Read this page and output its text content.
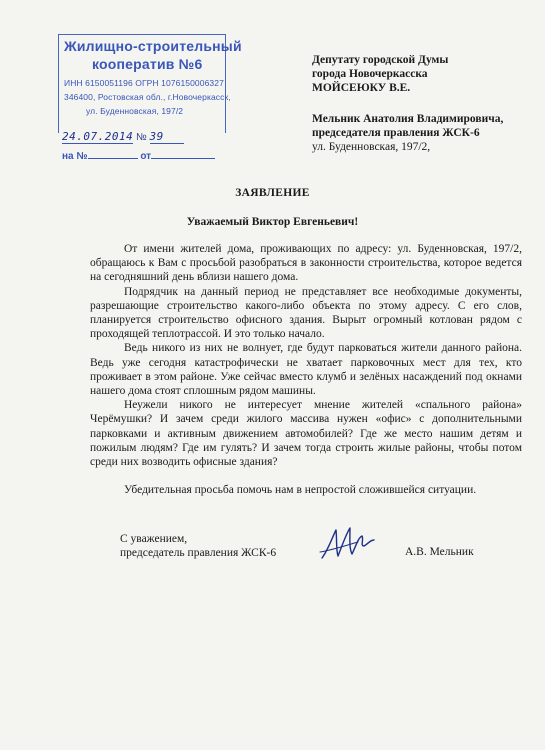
Жилищно-строительный
кооператив №6
ИНН 6150051196 ОГРН 1076150006327
346400, Ростовская обл., г.Новочеркасск,
ул. Буденновская, 197/2
24.07.2014 № 39
на №	от
Депутату городской Думы
города Новочеркасска
МОЙСЕЮКУ В.Е.
Мельник Анатолия Владимировича,
председателя правления ЖСК-6
ул. Буденновская, 197/2,
ЗАЯВЛЕНИЕ
Уважаемый Виктор Евгеньевич!

От имени жителей дома, проживающих по адресу: ул. Буденновская, 197/2, обращаюсь к Вам с просьбой разобраться в законности строительства, которое ведется на сегодняшний день вблизи нашего дома.

Подрядчик на данный период не представляет все необходимые документы, разрешающие строительство какого-либо объекта по этому адресу. С его слов, планируется строительство офисного здания. Вырыт огромный котлован рядом с проходящей теплотрассой. И это только начало.

Ведь никого из них не волнует, где будут парковаться жители данного района. Ведь уже сегодня катастрофически не хватает парковочных мест для тех, кто проживает в этом районе. Уже сейчас вместо клумб и зелёных насаждений под окнами нашего дома стоят сплошным рядом машины.

Неужели никого не интересует мнение жителей «спального района» Черёмушки? И зачем среди жилого массива нужен «офис» с дополнительными парковками и активным движением автомобилей? Где же место нашим детям и пожилым людям? Где им гулять? И зачем тогда строить жилые районы, чтобы потом среди них возводить офисные здания?

Убедительная просьба помочь нам в непростой сложившейся ситуации.

С уважением,
председатель правления ЖСК-6	А.В. Мельник
